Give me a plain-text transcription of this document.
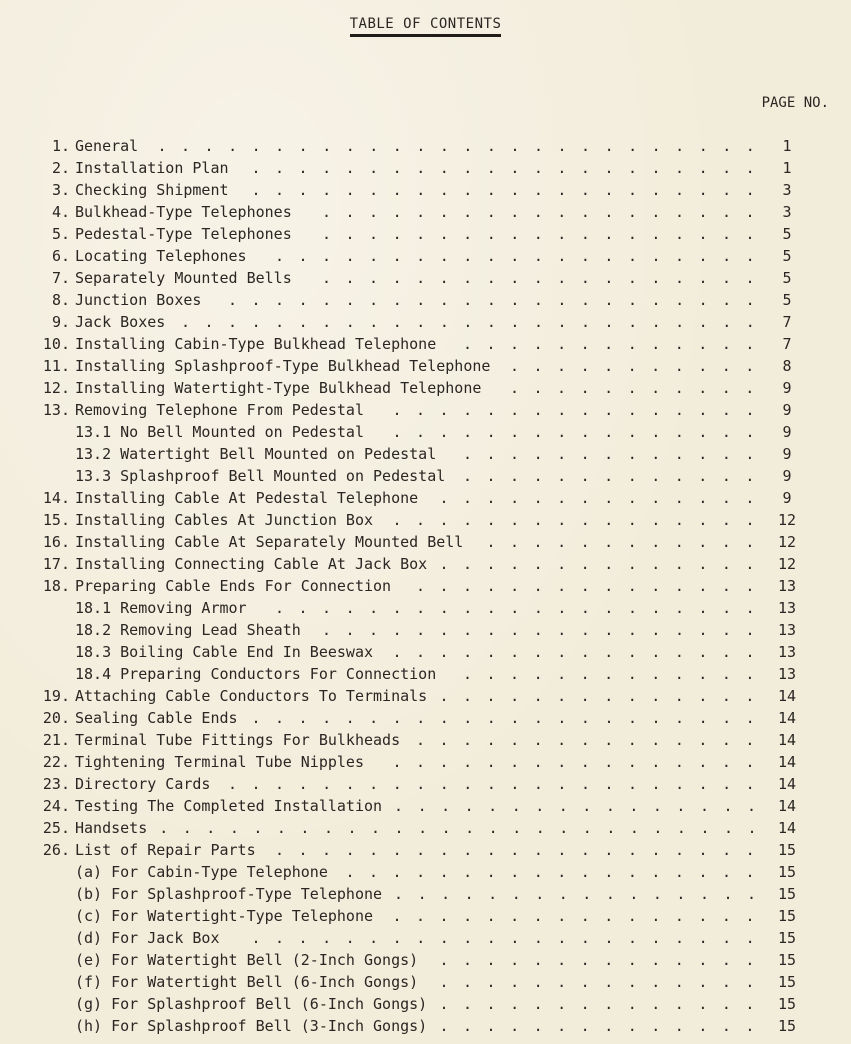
TABLE OF CONTENTS
PAGE NO.
1. General	1
..........................
2. Installation Plan	1
......................
3. Checking Shipment	3
......................
4. Bulkhead-Type Telephones	3
...................
5. Pedestal-Type Telephones	5
...................
6. Locating Telephones	5
.....................
7. Separately Mounted Bells	5
...................
8. Junction Boxes	5
.......................
9. Jack Boxes	7
.........................
10. Installing Cabin-Type Bulkhead Telephone	7
.............
11. Installing Splashproof-Type Bulkhead Telephone	8
...........
12. Installing Watertight-Type Bulkhead Telephone	9
...........
13. Removing Telephone From Pedestal	9
................
13.1 No Bell Mounted on Pedestal	9
................
13.2 Watertight Bell Mounted on Pedestal	9
.............
13.3 Splashproof Bell Mounted on Pedestal	9
.............
14. Installing Cable At Pedestal Telephone	9
..............
15. Installing Cables At Junction Box	12
................
16. Installing Cable At Separately Mounted Bell	12
............
17. Installing Connecting Cable At Jack Box	12
..............
18. Preparing Cable Ends For Connection	13
...............
18.1 Removing Armor	13
.....................
18.2 Removing Lead Sheath	13
...................
18.3 Boiling Cable End In Beeswax	13
................
18.4 Preparing Conductors For Connection	13
.............
19. Attaching Cable Conductors To Terminals	14
..............
20. Sealing Cable Ends	14
......................
21. Terminal Tube Fittings For Bulkheads	14
...............
22. Tightening Terminal Tube Nipples	14
................
23. Directory Cards	14
.......................
24. Testing The Completed Installation	14
................
25. Handsets	14
..........................
26. List of Repair Parts	15
.....................
(a) For Cabin-Type Telephone	15
..................
(b) For Splashproof-Type Telephone	15
................
(c) For Watertight-Type Telephone	15
................
(d) For Jack Box	15
......................
(e) For Watertight Bell (2-Inch Gongs)	15
..............
(f) For Watertight Bell (6-Inch Gongs)	15
..............
(g) For Splashproof Bell (6-Inch Gongs)	15
..............
(h) For Splashproof Bell (3-Inch Gongs)	15
..............
